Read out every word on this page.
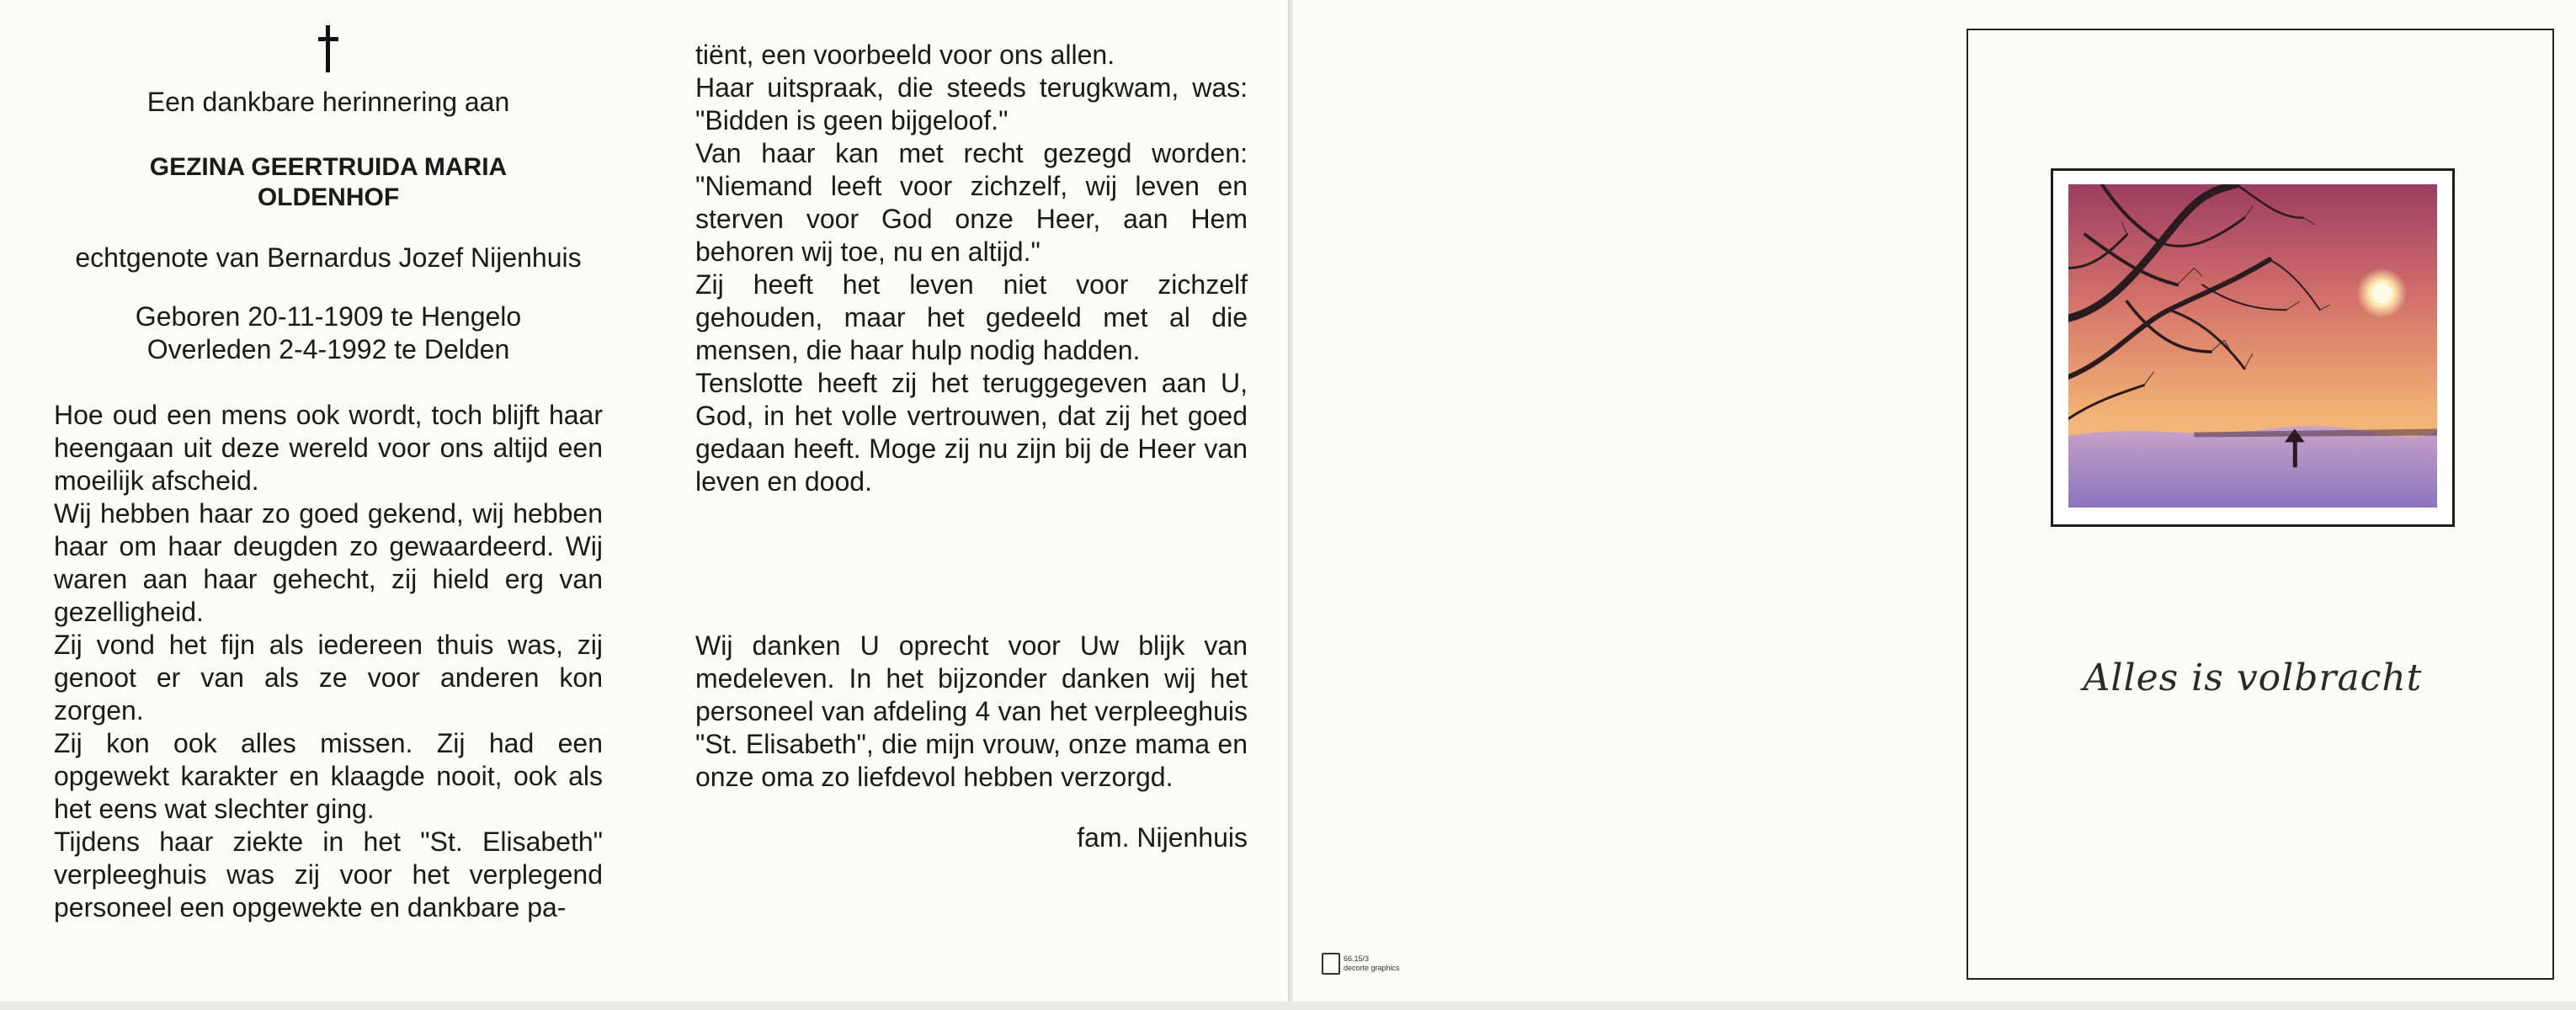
Een dankbare herinnering aan
GEZINA GEERTRUIDA MARIA
OLDENHOF
echtgenote van Bernardus Jozef Nijenhuis
Geboren 20-11-1909 te Hengelo
Overleden 2-4-1992 te Delden
Hoe oud een mens ook wordt, toch blijft haar heengaan uit deze wereld voor ons altijd een moeilijk afscheid.
Wij hebben haar zo goed gekend, wij hebben haar om haar deugden zo gewaardeerd. Wij waren aan haar gehecht, zij hield erg van gezelligheid.
Zij vond het fijn als iedereen thuis was, zij genoot er van als ze voor anderen kon zorgen.
Zij kon ook alles missen. Zij had een opgewekt karakter en klaagde nooit, ook als het eens wat slechter ging.
Tijdens haar ziekte in het "St. Elisabeth" verpleeghuis was zij voor het verplegend personeel een opgewekte en dankbare pa-
tiënt, een voorbeeld voor ons allen.
Haar uitspraak, die steeds terugkwam, was: "Bidden is geen bijgeloof."
Van haar kan met recht gezegd worden: "Niemand leeft voor zichzelf, wij leven en sterven voor God onze Heer, aan Hem behoren wij toe, nu en altijd."
Zij heeft het leven niet voor zichzelf gehouden, maar het gedeeld met al die mensen, die haar hulp nodig hadden.
Tenslotte heeft zij het teruggegeven aan U, God, in het volle vertrouwen, dat zij het goed gedaan heeft. Moge zij nu zijn bij de Heer van leven en dood.
Wij danken U oprecht voor Uw blijk van medeleven. In het bijzonder danken wij het personeel van afdeling 4 van het verpleeghuis "St. Elisabeth", die mijn vrouw, onze mama en onze oma zo liefdevol hebben verzorgd.
fam. Nijenhuis
Alles is volbracht
66.15/3
decorte graphics
